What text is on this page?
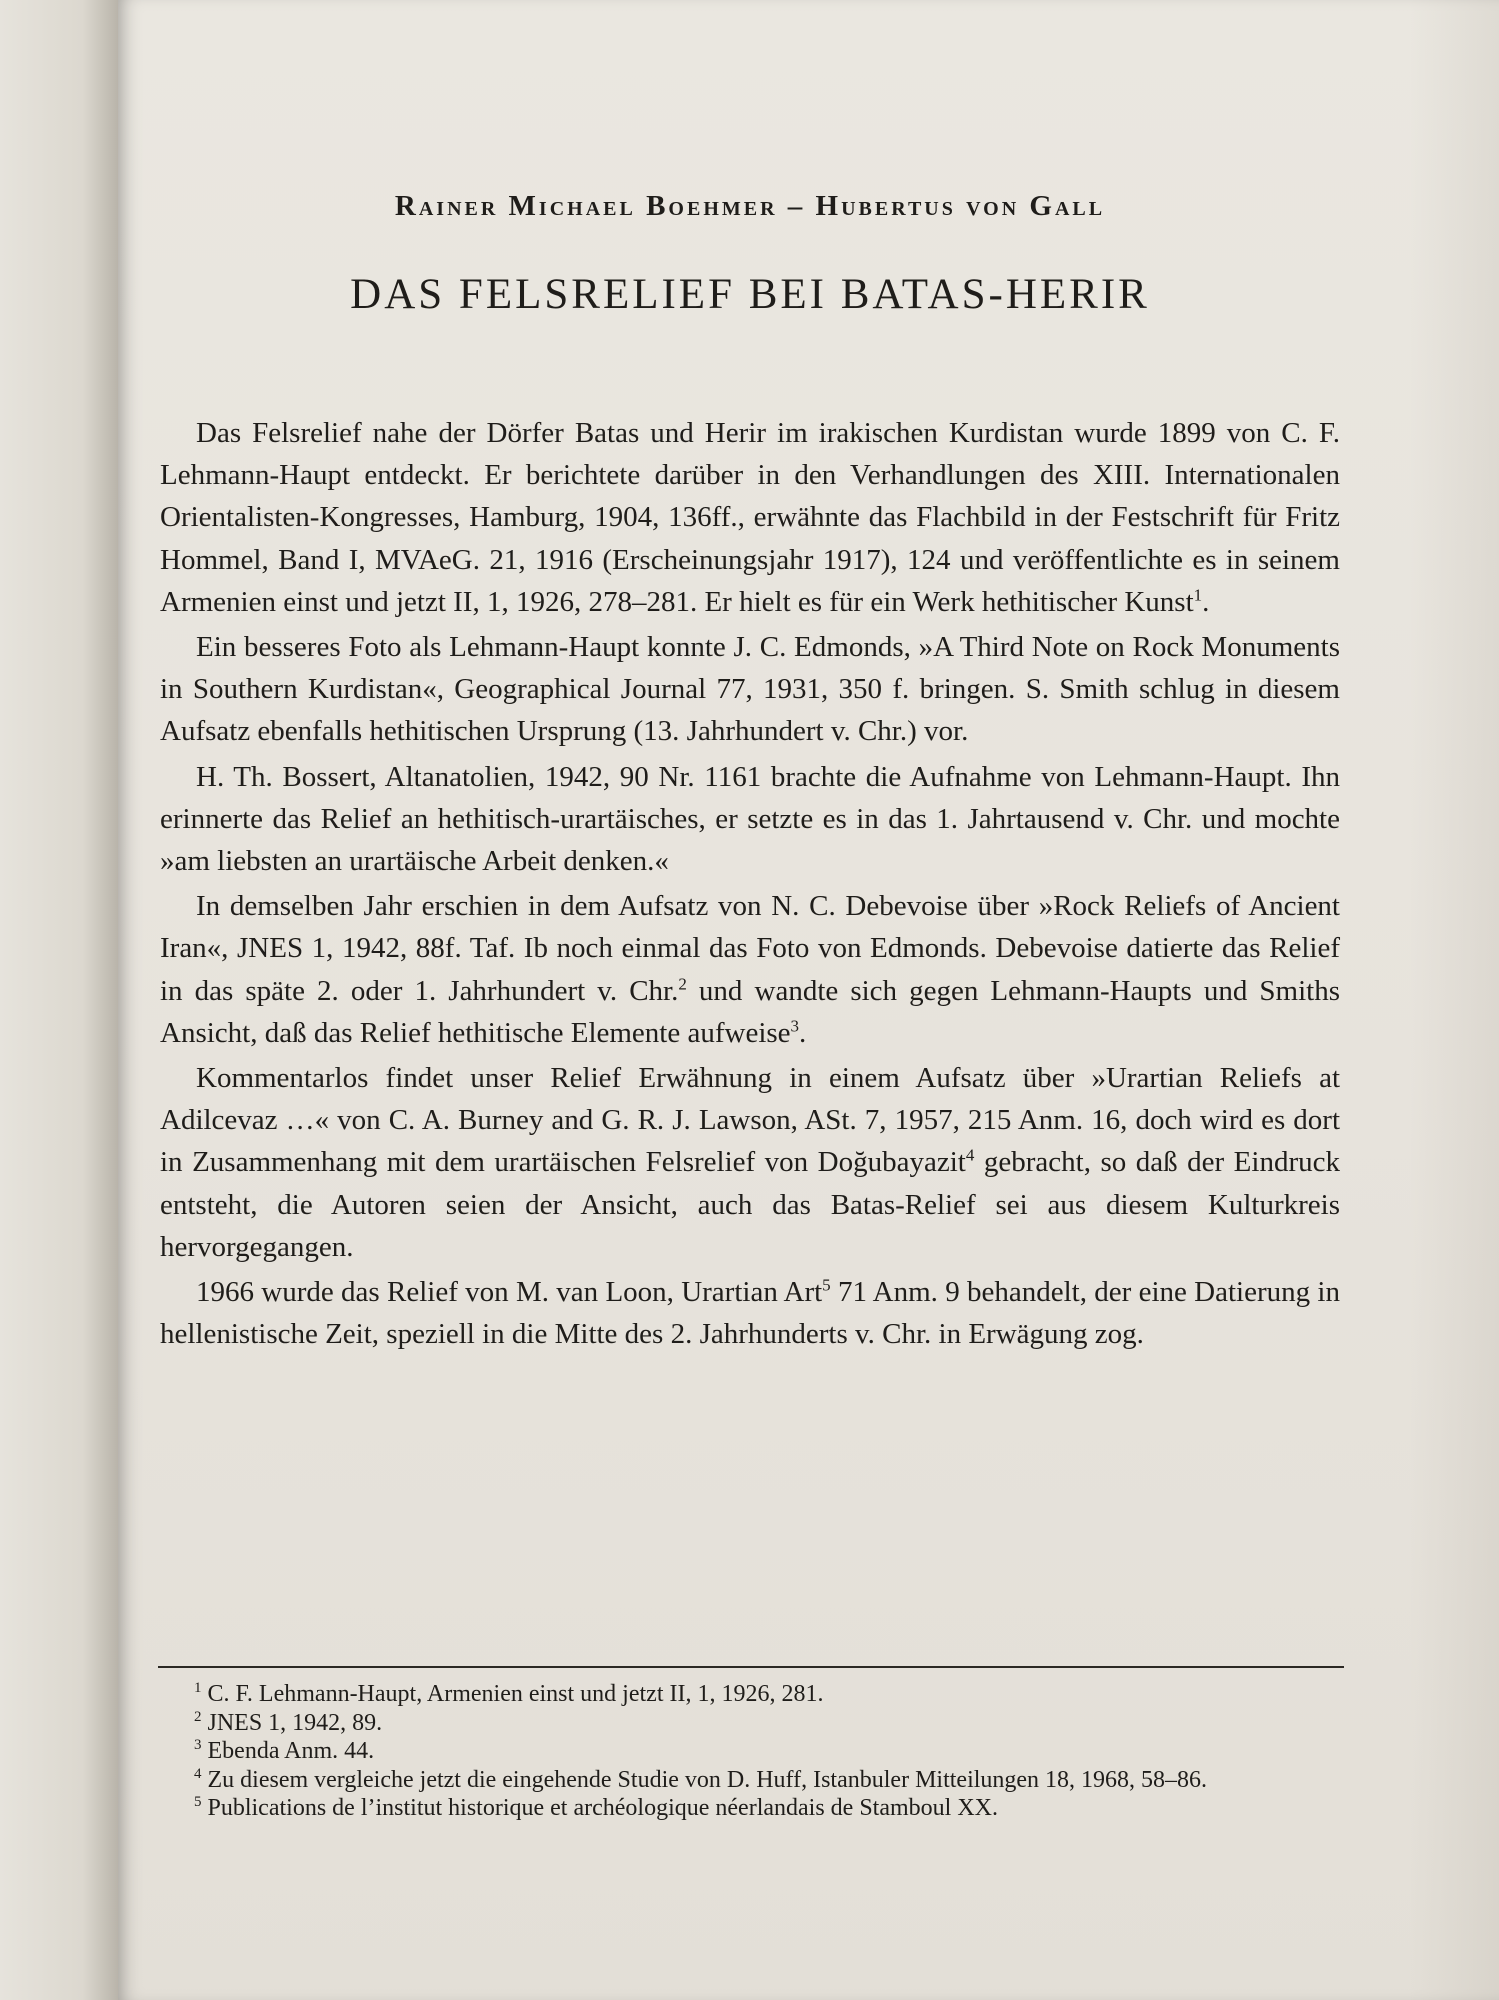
Rainer Michael Boehmer – Hubertus von Gall
DAS FELSRELIEF BEI BATAS-HERIR

Das Felsrelief nahe der Dörfer Batas und Herir im irakischen Kurdistan wurde 1899 von C. F. Lehmann-Haupt entdeckt. Er berichtete darüber in den Verhandlungen des XIII. Internationalen Orientalisten-Kongresses, Hamburg, 1904, 136ff., erwähnte das Flachbild in der Festschrift für Fritz Hommel, Band I, MVAeG. 21, 1916 (Erscheinungsjahr 1917), 124 und veröffentlichte es in seinem Armenien einst und jetzt II, 1, 1926, 278–281. Er hielt es für ein Werk hethitischer Kunst$^1$.

Ein besseres Foto als Lehmann-Haupt konnte J. C. Edmonds, »A Third Note on Rock Monuments in Southern Kurdistan«, Geographical Journal 77, 1931, 350 f. bringen. S. Smith schlug in diesem Aufsatz ebenfalls hethitischen Ursprung (13. Jahrhundert v. Chr.) vor.

H. Th. Bossert, Altanatolien, 1942, 90 Nr. 1161 brachte die Aufnahme von Lehmann-Haupt. Ihn erinnerte das Relief an hethitisch-urartäisches, er setzte es in das 1. Jahrtausend v. Chr. und mochte »am liebsten an urartäische Arbeit denken.«

In demselben Jahr erschien in dem Aufsatz von N. C. Debevoise über »Rock Reliefs of Ancient Iran«, JNES 1, 1942, 88f. Taf. Ib noch einmal das Foto von Edmonds. Debevoise datierte das Relief in das späte 2. oder 1. Jahrhundert v. Chr.$^2$ und wandte sich gegen Lehmann-Haupts und Smiths Ansicht, daß das Relief hethitische Elemente aufweise$^3$.

Kommentarlos findet unser Relief Erwähnung in einem Aufsatz über »Urartian Reliefs at Adilcevaz …« von C. A. Burney and G. R. J. Lawson, ASt. 7, 1957, 215 Anm. 16, doch wird es dort in Zusammenhang mit dem urartäischen Felsrelief von Doğubayazit$^4$ gebracht, so daß der Eindruck entsteht, die Autoren seien der Ansicht, auch das Batas-Relief sei aus diesem Kulturkreis hervorgegangen.

1966 wurde das Relief von M. van Loon, Urartian Art$^5$ 71 Anm. 9 behandelt, der eine Datierung in hellenistische Zeit, speziell in die Mitte des 2. Jahrhunderts v. Chr. in Erwägung zog.

$^1$ C. F. Lehmann-Haupt, Armenien einst und jetzt II, 1, 1926, 281.

$^2$ JNES 1, 1942, 89.

$^3$ Ebenda Anm. 44.

$^4$ Zu diesem vergleiche jetzt die eingehende Studie von D. Huff, Istanbuler Mitteilungen 18, 1968, 58–86.

$^5$ Publications de l’institut historique et archéologique néerlandais de Stamboul XX.
